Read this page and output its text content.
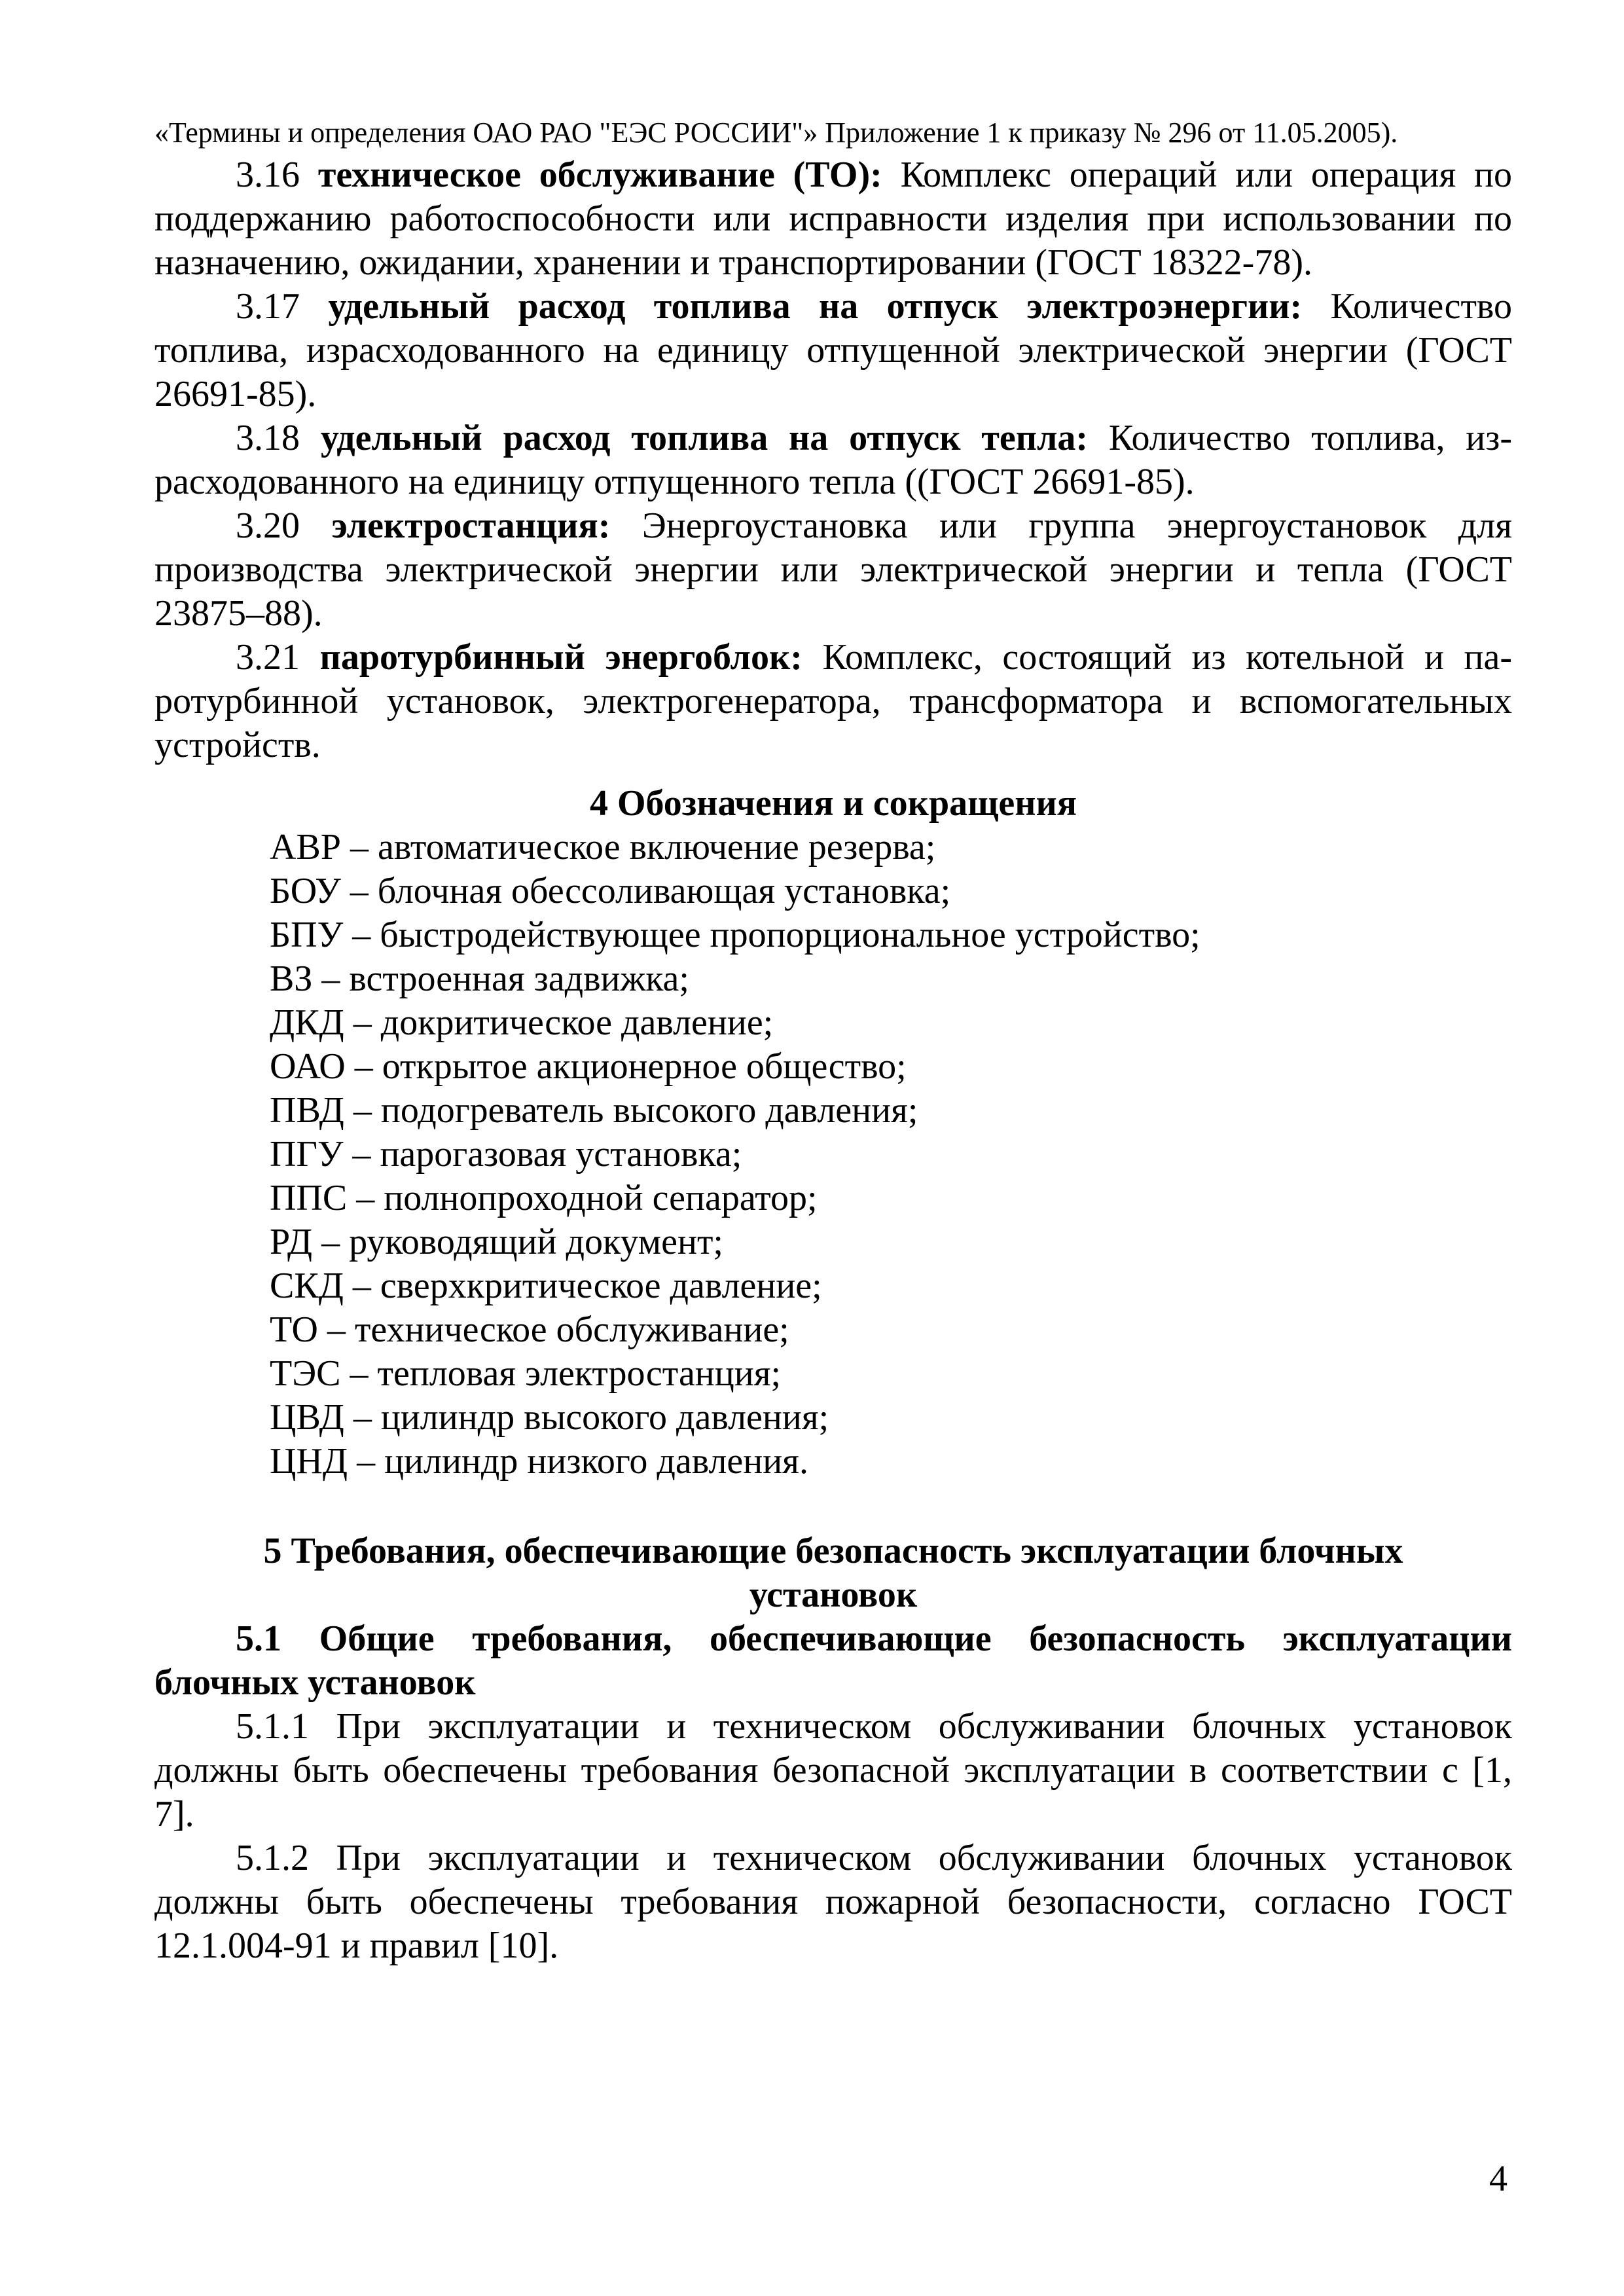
«Термины и определения ОАО РАО "ЕЭС РОССИИ"» Приложение 1 к приказу № 296 от 11.05.2005).

3.16 техническое обслуживание (ТО): Комплекс операций или операция по поддержанию работоспособности или исправности изделия при использовании по назначению, ожидании, хранении и транспортировании (ГОСТ 18322-78).

3.17 удельный расход топлива на отпуск электроэнергии: Количество топлива, израсходованного на единицу отпущенной электрической энергии (ГОСТ 26691-85).

3.18 удельный расход топлива на отпуск тепла: Количество топлива, израсходованного на единицу отпущенного тепла ((ГОСТ 26691-85).

3.20 электростанция: Энергоустановка или группа энергоустановок для производства электрической энергии или электрической энергии и тепла (ГОСТ 23875–88).

3.21 паротурбинный энергоблок: Комплекс, состоящий из котельной и паротурбинной установок, электрогенератора, трансформатора и вспомогательных устройств.

4 Обозначения и сокращения

АВР – автоматическое включение резерва;
БОУ – блочная обессоливающая установка;
БПУ – быстродействующее пропорциональное устройство;
ВЗ – встроенная задвижка;
ДКД – докритическое давление;
ОАО – открытое акционерное общество;
ПВД – подогреватель высокого давления;
ПГУ – парогазовая установка;
ППС – полнопроходной сепаратор;
РД – руководящий документ;
СКД – сверхкритическое давление;
ТО – техническое обслуживание;
ТЭС – тепловая электростанция;
ЦВД – цилиндр высокого давления;
ЦНД – цилиндр низкого давления.

5 Требования, обеспечивающие безопасность эксплуатации блочных установок

5.1 Общие требования, обеспечивающие безопасность эксплуатации блочных установок

5.1.1 При эксплуатации и техническом обслуживании блочных установок должны быть обеспечены требования безопасной эксплуатации в соответствии с [1, 7].

5.1.2 При эксплуатации и техническом обслуживании блочных установок должны быть обеспечены требования пожарной безопасности, согласно ГОСТ 12.1.004-91 и правил [10].

4
